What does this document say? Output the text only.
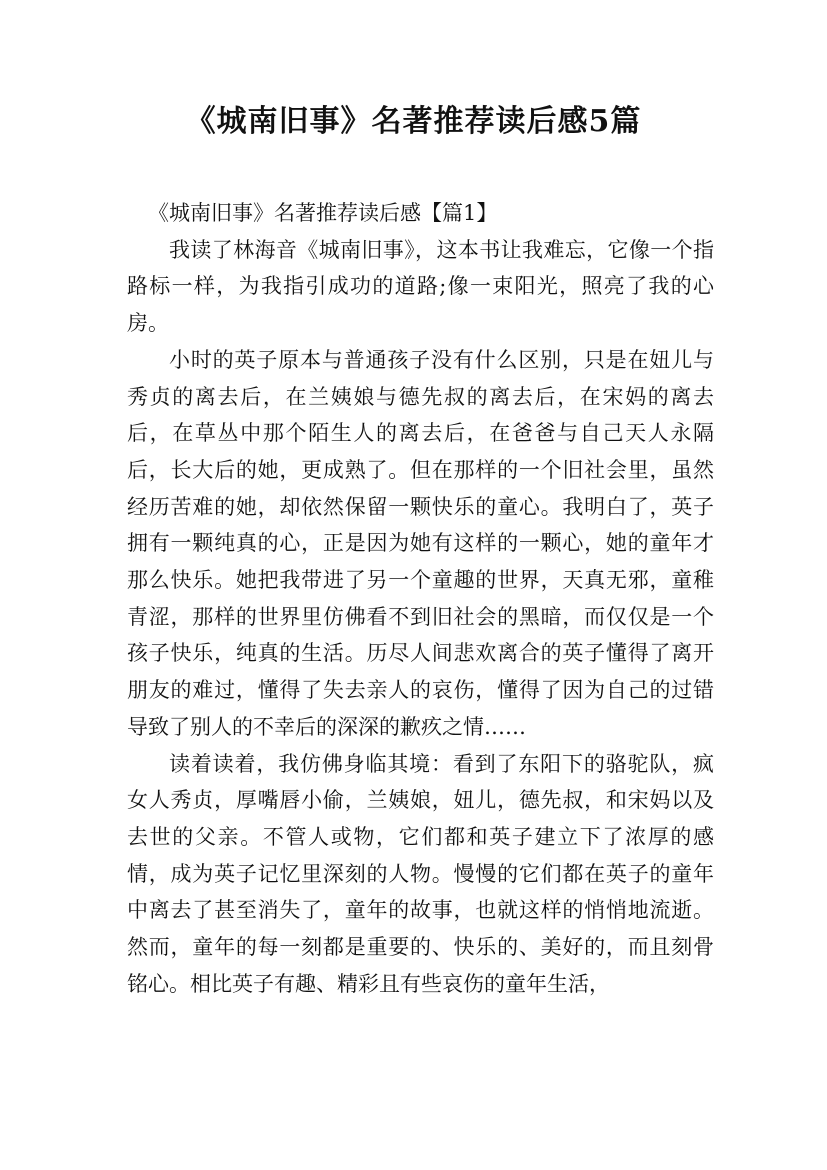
《城南旧事》名著推荐读后感5篇

《城南旧事》名著推荐读后感【篇1】

我读了林海音《城南旧事》，这本书让我难忘，它像一个指路标一样，为我指引成功的道路;像一束阳光，照亮了我的心房。

小时的英子原本与普通孩子没有什么区别，只是在妞儿与秀贞的离去后，在兰姨娘与德先叔的离去后，在宋妈的离去后，在草丛中那个陌生人的离去后，在爸爸与自己天人永隔后，长大后的她，更成熟了。但在那样的一个旧社会里，虽然经历苦难的她，却依然保留一颗快乐的童心。我明白了，英子拥有一颗纯真的心，正是因为她有这样的一颗心，她的童年才那么快乐。她把我带进了另一个童趣的世界，天真无邪，童稚青涩，那样的世界里仿佛看不到旧社会的黑暗，而仅仅是一个孩子快乐，纯真的生活。历尽人间悲欢离合的英子懂得了离开朋友的难过，懂得了失去亲人的哀伤，懂得了因为自己的过错导致了别人的不幸后的深深的歉疚之情……

读着读着，我仿佛身临其境：看到了东阳下的骆驼队，疯女人秀贞，厚嘴唇小偷，兰姨娘，妞儿，德先叔，和宋妈以及去世的父亲。不管人或物，它们都和英子建立下了浓厚的感情，成为英子记忆里深刻的人物。慢慢的它们都在英子的童年中离去了甚至消失了，童年的故事，也就这样的悄悄地流逝。然而，童年的每一刻都是重要的、快乐的、美好的，而且刻骨铭心。相比英子有趣、精彩且有些哀伤的童年生活，
